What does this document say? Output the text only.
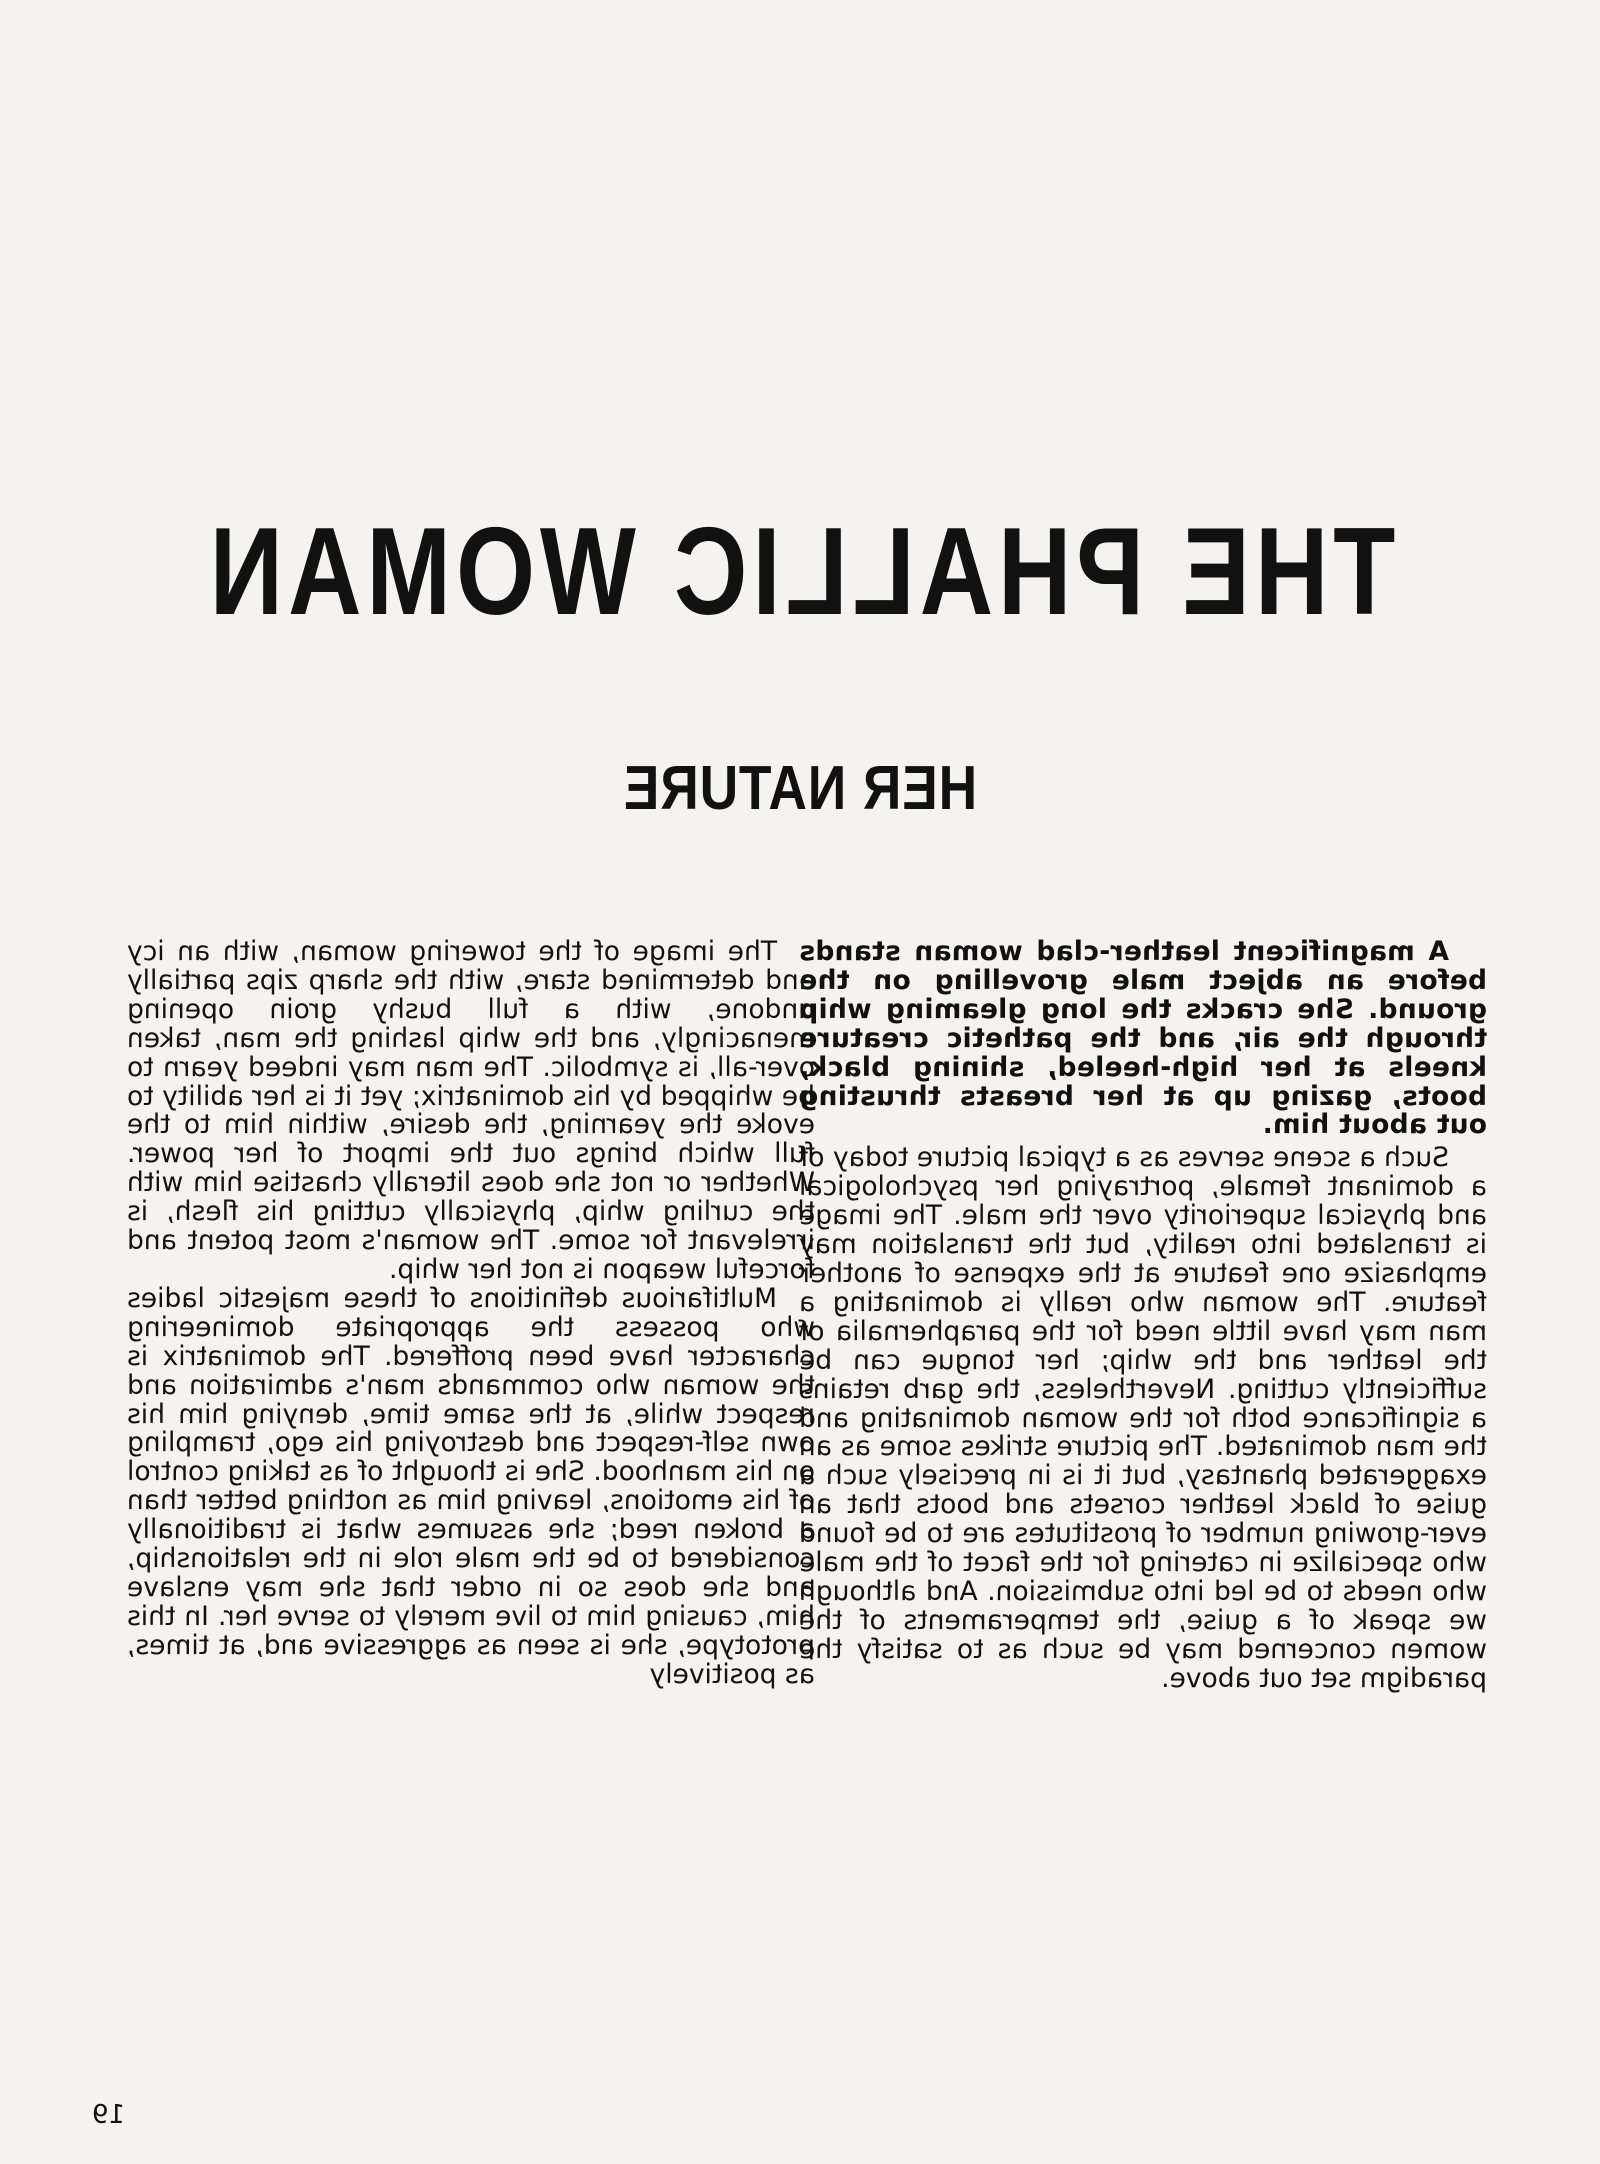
THE PHALLIC WOMAN
HER NATURE

A magnificent leather-clad woman stands before an abject male grovelling on the ground. She cracks the long gleaming whip through the air, and the pathetic creature kneels at her high-heeled, shining black, boots, gazing up at her breasts thrusting out about him.

Such a scene serves as a typical picture today of a dominant female, portraying her psychological and physical superiority over the male. The image is translated into reality, but the translation may emphasize one feature at the expense of another feature. The woman who really is dominating a man may have little need for the paraphernalia of the leather and the whip; her tongue can be sufficiently cutting. Nevertheless, the garb retains a significance both for the woman dominating and the man dominated. The picture strikes some as an exaggerated phantasy, but it is in precisely such a guise of black leather corsets and boots that an ever-growing number of prostitutes are to be found who specialize in catering for the facet of the male who needs to be led into submission. And although we speak of a guise, the temperaments of the women concerned may be such as to satisfy the paradigm set out above.

The image of the towering woman, with an icy and determined stare, with the sharp zips partially undone, with a full bushy groin opening menacingly, and the whip lashing the man, taken over-all, is symbolic. The man may indeed yearn to be whipped by his dominatrix; yet it is her ability to evoke the yearning, the desire, within him to the full which brings out the import of her power. Whether or not she does literally chastise him with the curling whip, physically cutting his flesh, is irrelevant for some. The woman's most potent and forceful weapon is not her whip.

Multifarious definitions of these majestic ladies who possess the appropriate domineering character have been proffered. The dominatrix is the woman who commands man's admiration and respect while, at the same time, denying him his own self-respect and destroying his ego, trampling on his manhood. She is thought of as taking control of his emotions, leaving him as nothing better than a broken reed; she assumes what is traditionally considered to be the male role in the relationship, and she does so in order that she may enslave him, causing him to live merely to serve her. In this prototype, she is seen as aggressive and, at times, as positively

19
